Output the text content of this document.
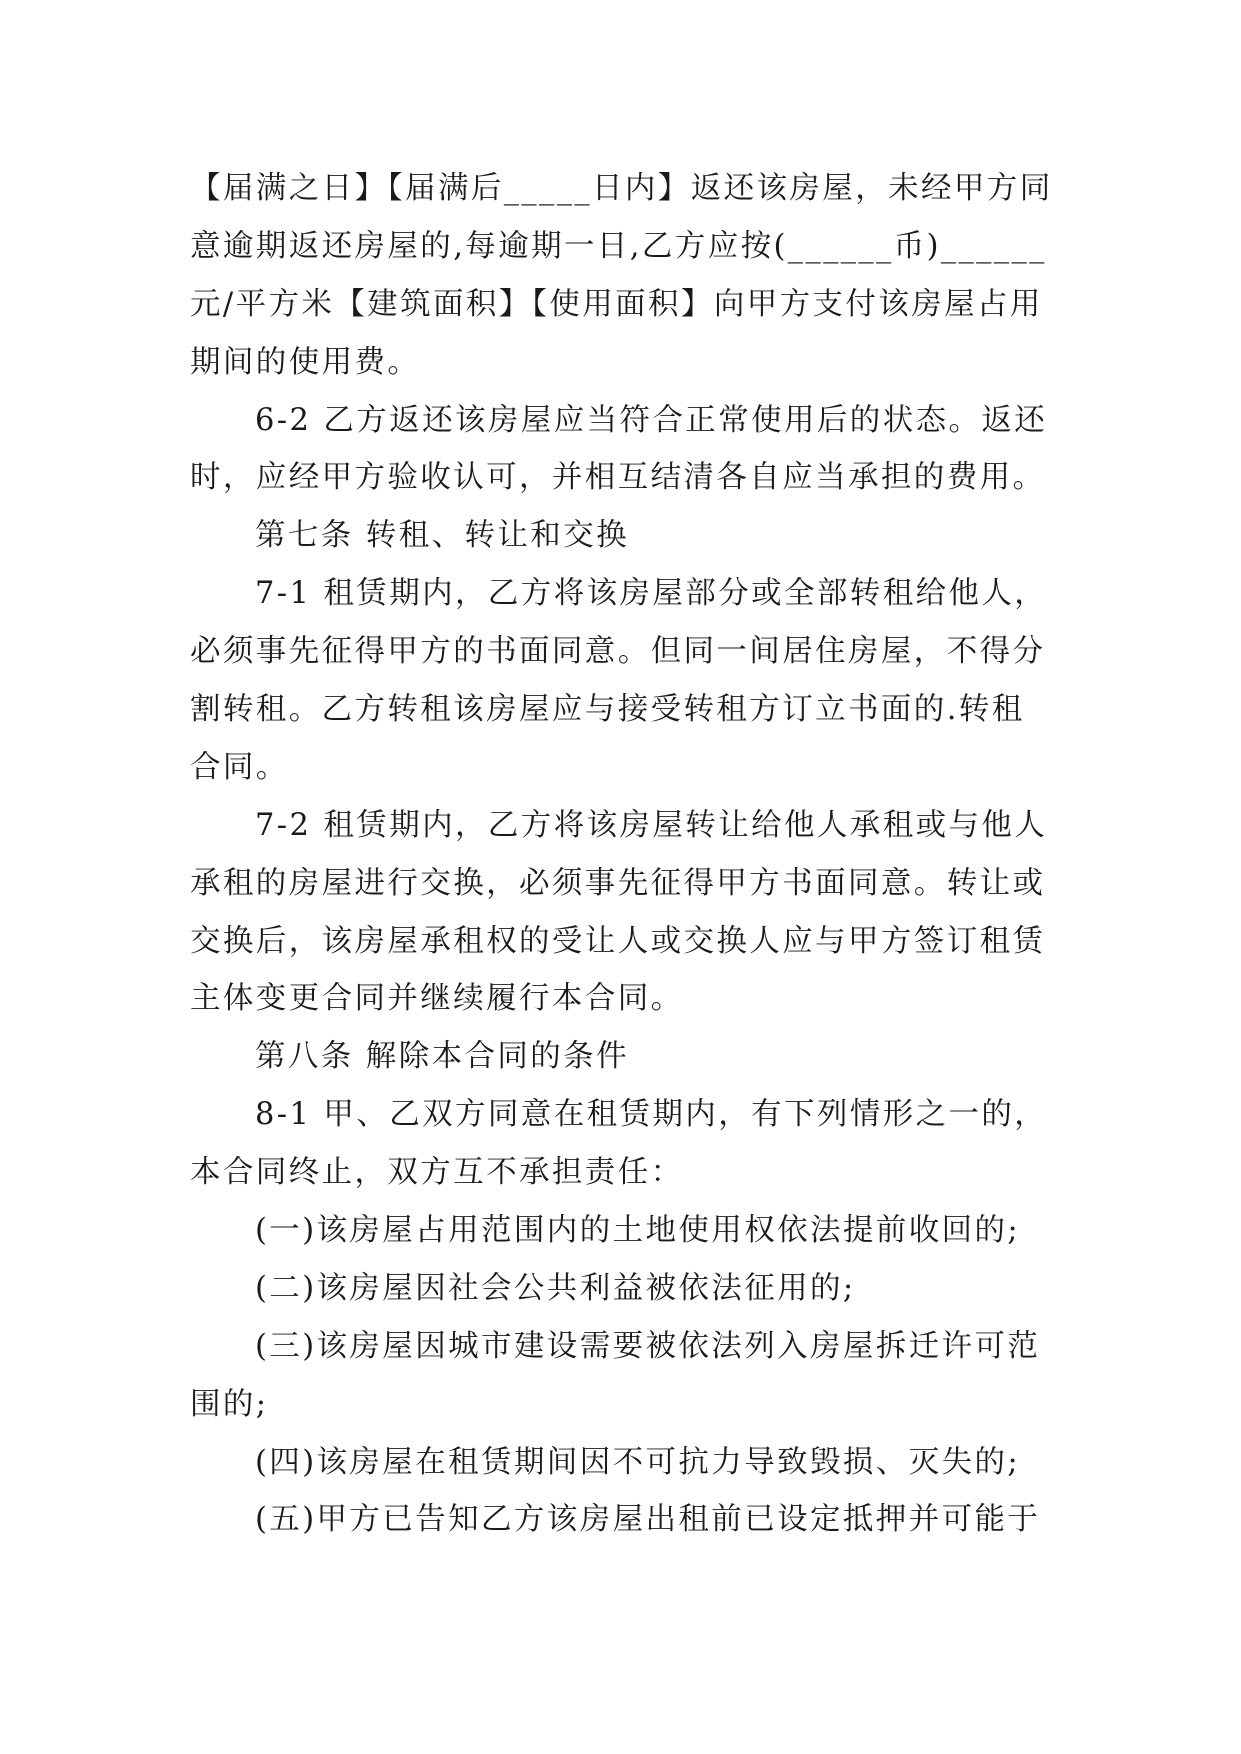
【届满之日】【届满后_____日内】返还该房屋，未经甲方同
意逾期返还房屋的,每逾期一日,乙方应按(______币)______
元/平方米【建筑面积】【使用面积】向甲方支付该房屋占用
期间的使用费。
6-2 乙方返还该房屋应当符合正常使用后的状态。返还
时，应经甲方验收认可，并相互结清各自应当承担的费用。
第七条 转租、转让和交换
7-1 租赁期内，乙方将该房屋部分或全部转租给他人，
必须事先征得甲方的书面同意。但同一间居住房屋，不得分
割转租。乙方转租该房屋应与接受转租方订立书面的.转租
合同。
7-2 租赁期内，乙方将该房屋转让给他人承租或与他人
承租的房屋进行交换，必须事先征得甲方书面同意。转让或
交换后，该房屋承租权的受让人或交换人应与甲方签订租赁
主体变更合同并继续履行本合同。
第八条 解除本合同的条件
8-1 甲、乙双方同意在租赁期内，有下列情形之一的，
本合同终止，双方互不承担责任：
(一)该房屋占用范围内的土地使用权依法提前收回的;
(二)该房屋因社会公共利益被依法征用的;
(三)该房屋因城市建设需要被依法列入房屋拆迁许可范
围的;
(四)该房屋在租赁期间因不可抗力导致毁损、灭失的;
(五)甲方已告知乙方该房屋出租前已设定抵押并可能于
